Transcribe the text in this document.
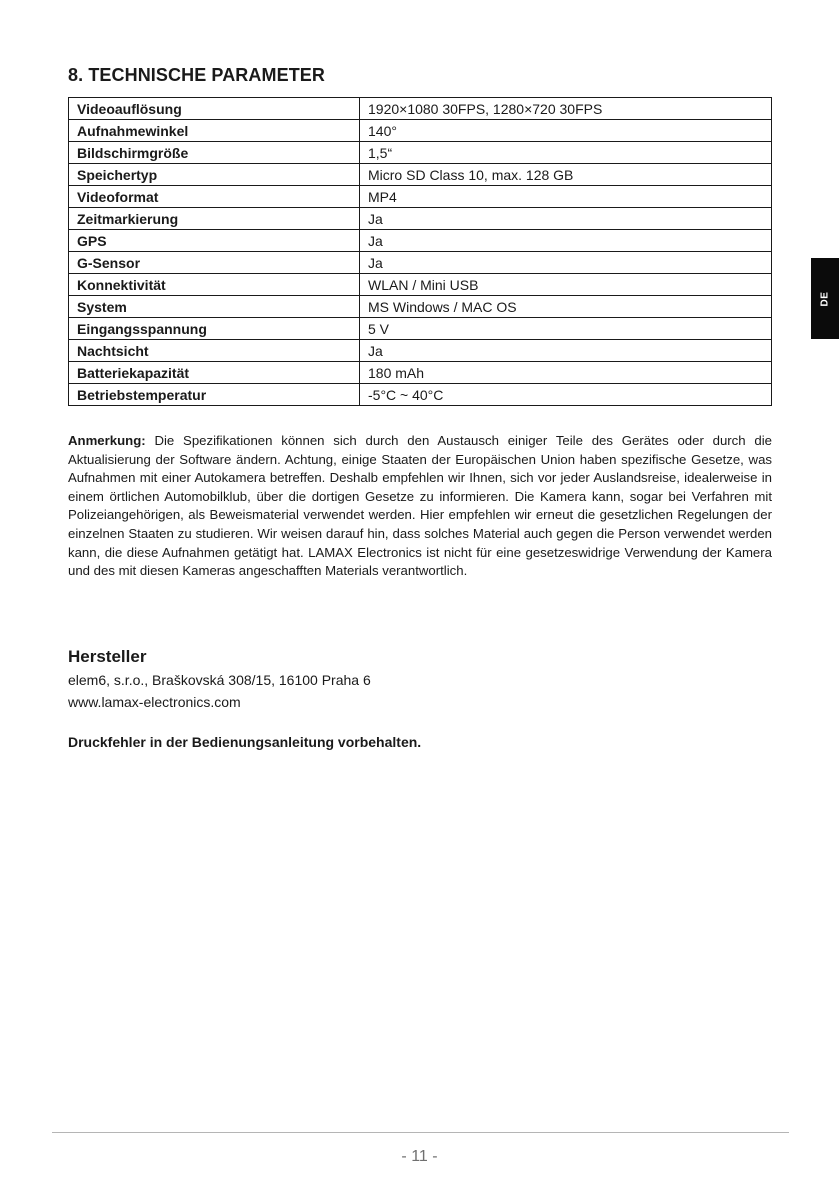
8. TECHNISCHE PARAMETER
Videoauflösung	1920×1080 30FPS, 1280×720 30FPS
Aufnahmewinkel	140°
Bildschirmgröße	1,5“
Speichertyp	Micro SD Class 10, max. 128 GB
Videoformat	MP4
Zeitmarkierung	Ja
GPS	Ja
G-Sensor	Ja
Konnektivität	WLAN / Mini USB
System	MS Windows / MAC OS
Eingangsspannung	5 V
Nachtsicht	Ja
Batteriekapazität	180 mAh
Betriebstemperatur	-5°C ~ 40°C
DE

Anmerkung: Die Spezifikationen können sich durch den Austausch einiger Teile des Gerätes oder durch die Aktualisierung der Software ändern. Achtung, einige Staaten der Europäischen Union haben spezifische Gesetze, was Aufnahmen mit einer Autokamera betreffen. Deshalb empfehlen wir Ihnen, sich vor jeder Auslandsreise, idealerweise in einem örtlichen Automobilklub, über die dortigen Gesetze zu informieren. Die Kamera kann, sogar bei Verfahren mit Polizeiangehörigen, als Beweismaterial verwendet werden. Hier empfehlen wir erneut die gesetzlichen Regelungen der einzelnen Staaten zu studieren. Wir weisen darauf hin, dass solches Material auch gegen die Person verwendet werden kann, die diese Aufnahmen getätigt hat. LAMAX Electronics ist nicht für eine gesetzeswidrige Verwendung der Kamera und des mit diesen Kameras angeschafften Materials verantwortlich.

Hersteller

elem6, s.r.o., Braškovská 308/15, 16100 Praha 6

www.lamax-electronics.com

Druckfehler in der Bedienungsanleitung vorbehalten.

- 11 -
